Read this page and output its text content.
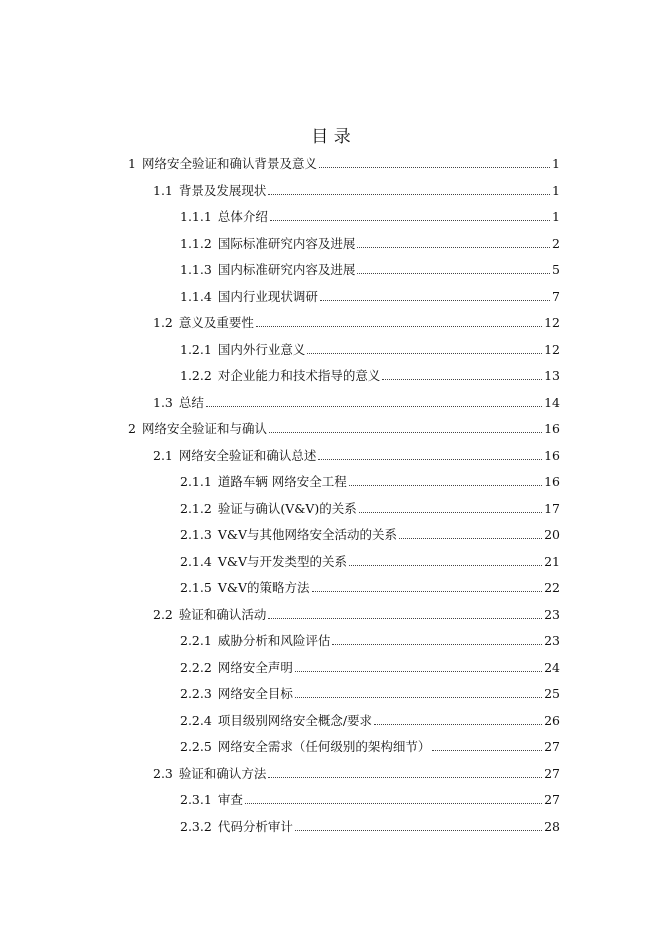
目 录
1 网络安全验证和确认背景及意义	1
1.1 背景及发展现状	1
1.1.1 总体介绍	1
1.1.2 国际标准研究内容及进展	2
1.1.3 国内标准研究内容及进展	5
1.1.4 国内行业现状调研	7
1.2 意义及重要性	12
1.2.1 国内外行业意义	12
1.2.2 对企业能力和技术指导的意义	13
1.3 总结	14
2 网络安全验证和与确认	16
2.1 网络安全验证和确认总述	16
2.1.1 道路车辆 网络安全工程	16
2.1.2 验证与确认(V&V)的关系	17
2.1.3 V&V与其他网络安全活动的关系	20
2.1.4 V&V与开发类型的关系	21
2.1.5 V&V的策略方法	22
2.2 验证和确认活动	23
2.2.1 威胁分析和风险评估	23
2.2.2 网络安全声明	24
2.2.3 网络安全目标	25
2.2.4 项目级别网络安全概念/要求	26
2.2.5 网络安全需求（任何级别的架构细节）	27
2.3 验证和确认方法	27
2.3.1 审查	27
2.3.2 代码分析审计	28
